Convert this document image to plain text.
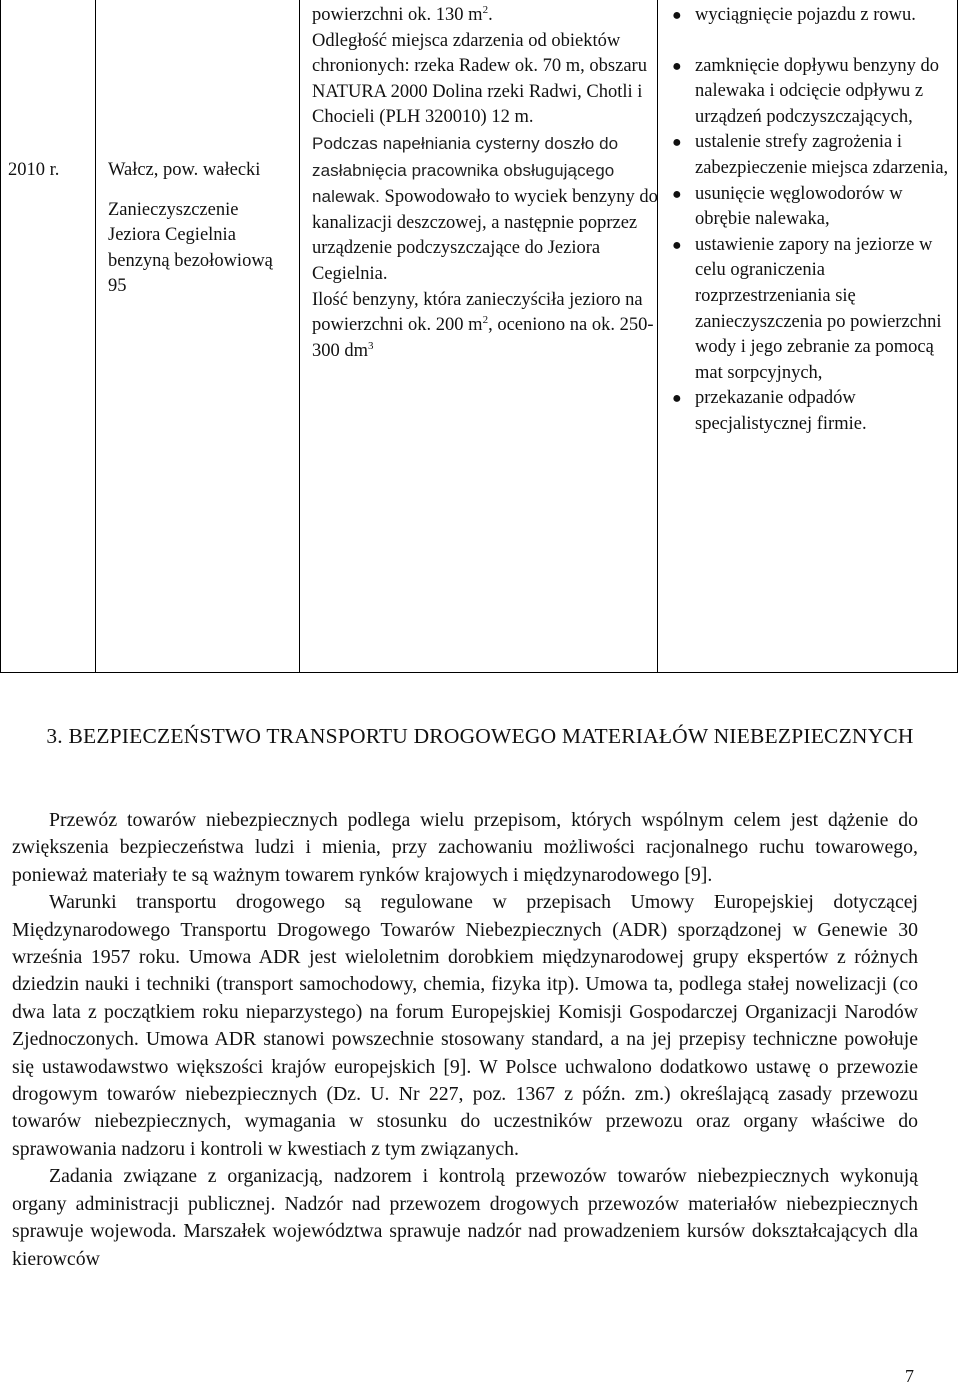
2010 r.	Wałcz, pow. wałecki

Zanieczyszczenie Jeziora Cegielnia benzyną bezołowiową 95

powierzchni ok. 130 $m^2$.

Odległość miejsca zdarzenia od obiektów chronionych: rzeka Radew ok. 70 m, obszaru NATURA 2000 Dolina rzeki Radwi, Chotli i Chocieli (PLH 320010) 12 m.

Podczas napełniania cysterny doszło do zasłabnięcia pracownika obsługującego nalewak. Spowodowało to wyciek benzyny do kanalizacji deszczowej, a następnie poprzez urządzenie podczyszczające do Jeziora Cegielnia.

Ilość benzyny, która zanieczyściła jezioro na powierzchni ok. 200 $m^2$, oceniono na ok. 250-300 $dm^3$

● wyciągnięcie pojazdu z rowu.
● zamknięcie dopływu benzyny do nalewaka i odcięcie odpływu z urządzeń podczyszczających,
● ustalenie strefy zagrożenia i zabezpieczenie miejsca zdarzenia,
● usunięcie węglowodorów w obrębie nalewaka,
● ustawienie zapory na jeziorze w celu ograniczenia rozprzestrzeniania się zanieczyszczenia po powierzchni wody i jego zebranie za pomocą mat sorpcyjnych,
● przekazanie odpadów specjalistycznej firmie.
3. BEZPIECZEŃSTWO TRANSPORTU DROGOWEGO MATERIAŁÓW NIEBEZPIECZNYCH

Przewóz towarów niebezpiecznych podlega wielu przepisom, których wspólnym celem jest dążenie do zwiększenia bezpieczeństwa ludzi i mienia, przy zachowaniu możliwości racjonalnego ruchu towarowego, ponieważ materiały te są ważnym towarem rynków krajowych i międzynarodowego [9].

Warunki transportu drogowego są regulowane w przepisach Umowy Europejskiej dotyczącej Międzynarodowego Transportu Drogowego Towarów Niebezpiecznych (ADR) sporządzonej w Genewie 30 września 1957 roku. Umowa ADR jest wieloletnim dorobkiem międzynarodowej grupy ekspertów z różnych dziedzin nauki i techniki (transport samochodowy, chemia, fizyka itp). Umowa ta, podlega stałej nowelizacji (co dwa lata z początkiem roku nieparzystego) na forum Europejskiej Komisji Gospodarczej Organizacji Narodów Zjednoczonych. Umowa ADR stanowi powszechnie stosowany standard, a na jej przepisy techniczne powołuje się ustawodawstwo większości krajów europejskich [9]. W Polsce uchwalono dodatkowo ustawę o przewozie drogowym towarów niebezpiecznych (Dz. U. Nr 227, poz. 1367 z późn. zm.) określającą zasady przewozu towarów niebezpiecznych, wymagania w stosunku do uczestników przewozu oraz organy właściwe do sprawowania nadzoru i kontroli w kwestiach z tym związanych.

Zadania związane z organizacją, nadzorem i kontrolą przewozów towarów niebezpiecznych wykonują organy administracji publicznej. Nadzór nad przewozem drogowych przewozów materiałów niebezpiecznych sprawuje wojewoda. Marszałek województwa sprawuje nadzór nad prowadzeniem kursów dokształcających dla kierowców

7
